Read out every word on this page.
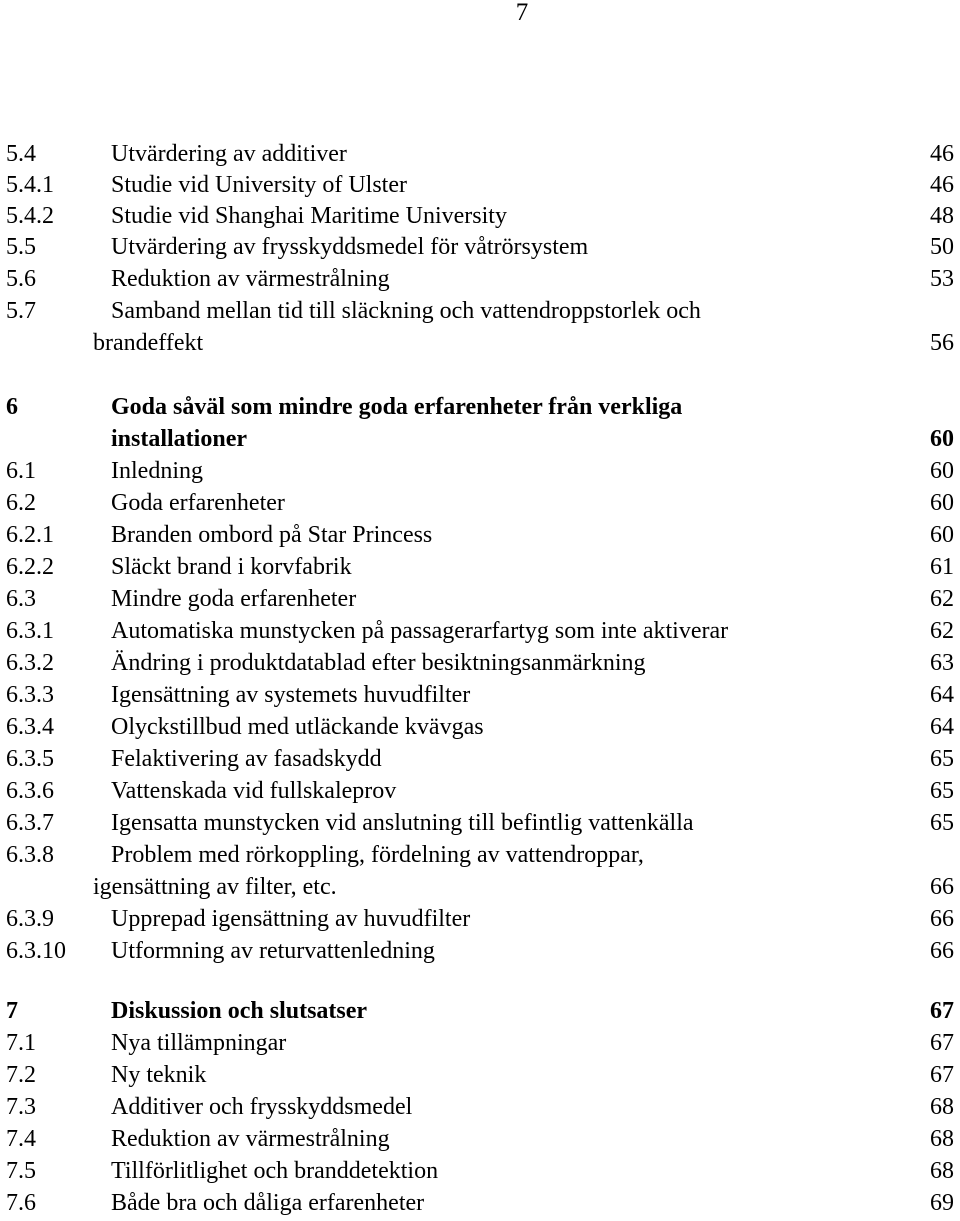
7
5.4	Utvärdering av additiver	46
5.4.1 Studie vid University of Ulster	46
5.4.2 Studie vid Shanghai Maritime University	48
5.5	Utvärdering av frysskyddsmedel för våtrörsystem	50
5.6	Reduktion av värmestrålning	53
5.7	Samband mellan tid till släckning och vattendroppstorlek och
brandeffekt	56
6	Goda såväl som mindre goda erfarenheter från verkliga
installationer	60
6.1	Inledning	60
6.2	Goda erfarenheter	60
6.2.1 Branden ombord på Star Princess	60
6.2.2 Släckt brand i korvfabrik	61
6.3	Mindre goda erfarenheter	62
6.3.1 Automatiska munstycken på passagerarfartyg som inte aktiverar	62
6.3.2 Ändring i produktdatablad efter besiktningsanmärkning	63
6.3.3 Igensättning av systemets huvudfilter	64
6.3.4 Olyckstillbud med utläckande kvävgas	64
6.3.5 Felaktivering av fasadskydd	65
6.3.6 Vattenskada vid fullskaleprov	65
6.3.7 Igensatta munstycken vid anslutning till befintlig vattenkälla	65
6.3.8 Problem med rörkoppling, fördelning av vattendroppar,
igensättning av filter, etc.	66
6.3.9 Upprepad igensättning av huvudfilter	66
6.3.10 Utformning av returvattenledning	66
7	Diskussion och slutsatser	67
7.1	Nya tillämpningar	67
7.2	Ny teknik	67
7.3	Additiver och frysskyddsmedel	68
7.4	Reduktion av värmestrålning	68
7.5	Tillförlitlighet och branddetektion	68
7.6	Både bra och dåliga erfarenheter	69
